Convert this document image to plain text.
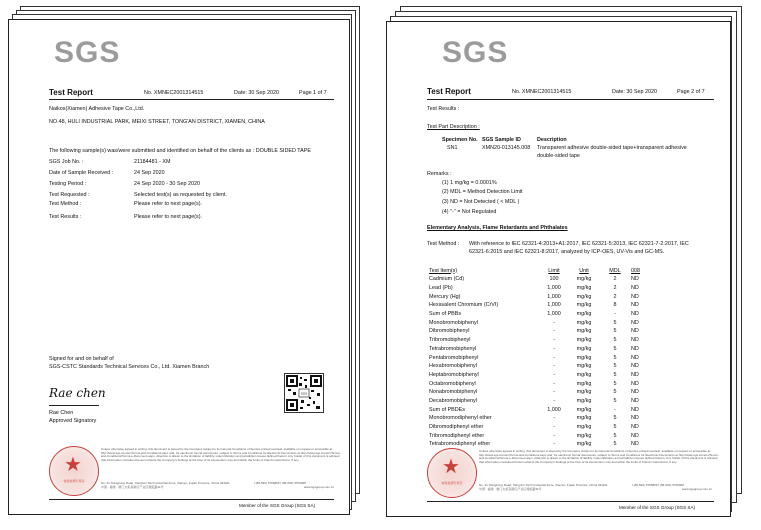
SGS
Test Report	No. XMNEC2001314515	Date: 30 Sep 2020	Page 1 of 7
Naikos(Xiamen) Adhesive Tape Co.,Ltd.
NO.48, HULI INDUSTRIAL PARK, MEIXI STREET, TONG'AN DISTRICT, XIAMEN, CHINA
The following sample(s) was/were submitted and identified on behalf of the clients as : DOUBLE SIDED TAPE
SGS Job No. :	21184481 - XM
Date of Sample Received :	24 Sep 2020
Testing Period :	24 Sep 2020 - 30 Sep 2020
Test Requested :	Selected test(s) as requested by client.
Test Method :	Please refer to next page(s).
Test Results :	Please refer to next page(s).
Signed for and on behalf of
SGS-CSTC Standards Technical Services Co., Ltd. Xiamen Branch
Rae chen
Rae Chen
Approved Signatory
SGS
★
检验检测专用章
Unless otherwise agreed in writing, this document is issued by the Company subject to its General Conditions of Service printed overleaf, available on request or accessible at http://www.sgs.com/en/Terms-and-Conditions.aspx and, for electronic format documents, subject to Terms and Conditions for Electronic Documents at http://www.sgs.com/en/Terms-and-Conditions/Terms-e-Document.aspx. Attention is drawn to the limitation of liability, indemnification and jurisdiction issues defined therein. Any holder of this document is advised that information contained hereon reflects the Company's findings at the time of its intervention only and within the limits of Client's instructions, if any.
No. 31 Xianghong Road, Xiang'An Torch Industrial Zone, Xiamen, Fujian Province, China 361101	t (86-592) 5766866 f (86-592) 5766968
中国 · 福建 · 厦门火炬高新区产业区翔虹路31号	www.sgsgroup.com.cn
Member of the SGS Group (SGS SA)
SGS
Test Report	No. XMNEC2001314515	Date: 30 Sep 2020	Page 2 of 7
Test Results :
Test Part Description :
Specimen No. SGS Sample ID	Description
SN1	XMN20-013145.008 Transparent adhesive double-sided tape+transparent adhesive
double-sided tape
Remarks :
(1) 1 mg/kg = 0.0001%
(2) MDL = Method Detection Limit
(3) ND = Not Detected ( < MDL )
(4) "-" = Not Regulated
Elementary Analysis, Flame Retardants and Phthalates
Test Method : With reference to IEC 62321-4:2013+A1:2017, IEC 62321-5:2013, IEC 62321-7-2:2017, IEC
62321-6:2015 and IEC 62321-8:2017, analyzed by ICP-OES, UV-Vis and GC-MS.
Test Item(s)	Limit	Unit	MDL	008
Cadmium (Cd)	100	mg/kg	2	ND
Lead (Pb)	1,000	mg/kg	2	ND
Mercury (Hg)	1,000	mg/kg	2	ND
Hexavalent Chromium (CrVI)	1,000	mg/kg	8	ND
Sum of PBBs	1,000	mg/kg	-	ND
Monobromobiphenyl	-	mg/kg	5	ND
Dibromobiphenyl	-	mg/kg	5	ND
Tribromobiphenyl	-	mg/kg	5	ND
Tetrabromobiphenyl	-	mg/kg	5	ND
Pentabromobiphenyl	-	mg/kg	5	ND
Hexabromobiphenyl	-	mg/kg	5	ND
Heptabromobiphenyl	-	mg/kg	5	ND
Octabromobiphenyl	-	mg/kg	5	ND
Nonabromobiphenyl	-	mg/kg	5	ND
Decabromobiphenyl	-	mg/kg	5	ND
Sum of PBDEs	1,000	mg/kg	-	ND
Monobromodiphenyl ether	-	mg/kg	5	ND
Dibromodiphenyl ether	-	mg/kg	5	ND
Tribromodiphenyl ether	-	mg/kg	5	ND
Tetrabromodiphenyl ether	-	mg/kg	5	ND
★
检验检测专用章
Unless otherwise agreed in writing, this document is issued by the Company subject to its General Conditions of Service printed overleaf, available on request or accessible at http://www.sgs.com/en/Terms-and-Conditions.aspx and, for electronic format documents, subject to Terms and Conditions for Electronic Documents at http://www.sgs.com/en/Terms-and-Conditions/Terms-e-Document.aspx. Attention is drawn to the limitation of liability, indemnification and jurisdiction issues defined therein. Any holder of this document is advised that information contained hereon reflects the Company's findings at the time of its intervention only and within the limits of Client's instructions, if any.
No. 31 Xianghong Road, Xiang'An Torch Industrial Zone, Xiamen, Fujian Province, China 361101	t (86-592) 5766866 f (86-592) 5766968
中国 · 福建 · 厦门火炬高新区产业区翔虹路31号	www.sgsgroup.com.cn
Member of the SGS Group (SGS SA)
